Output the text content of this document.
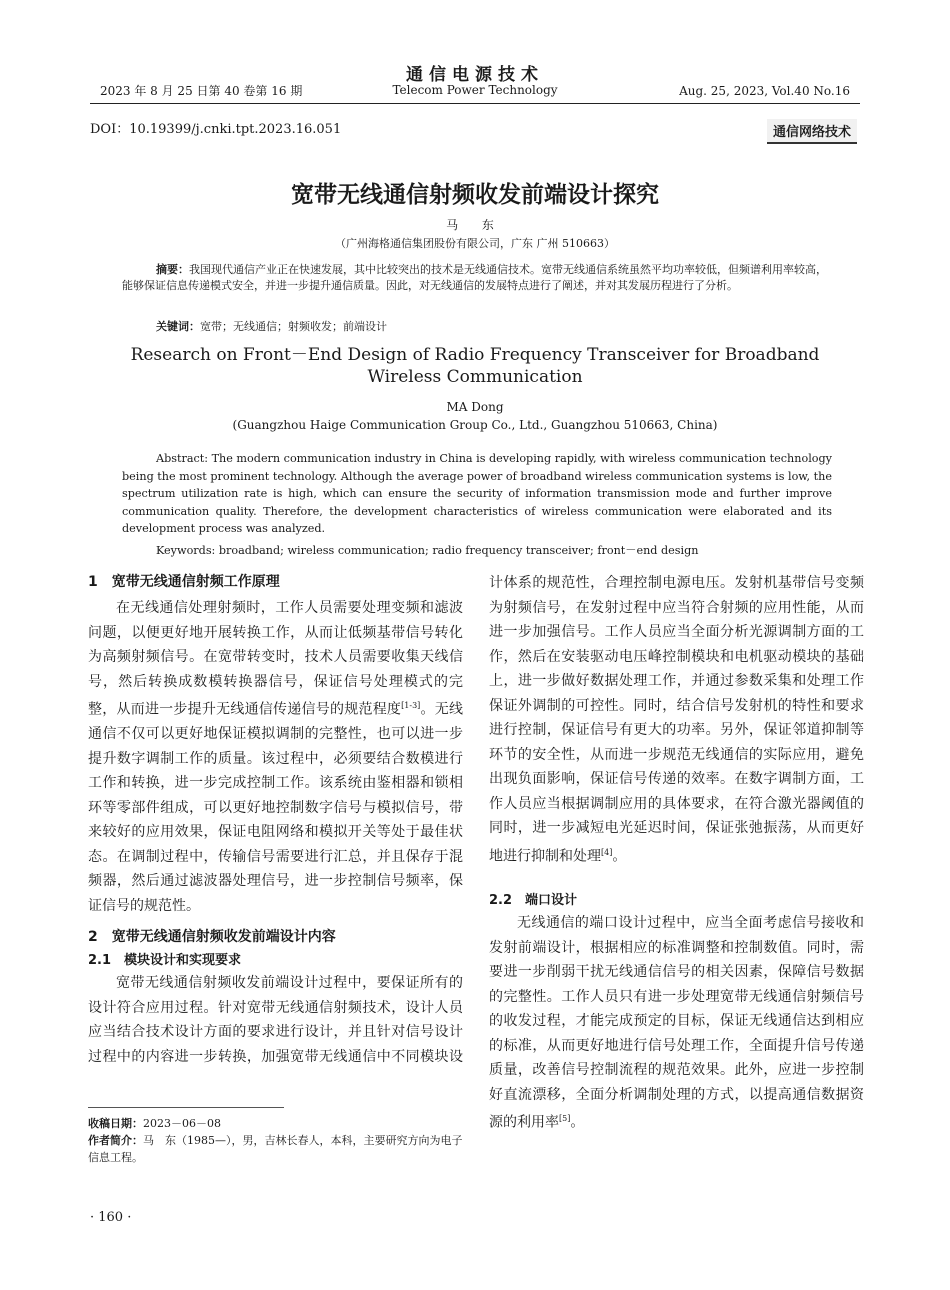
2023 年 8 月 25 日第 40 卷第 16 期
通信电源技术
Telecom Power Technology	Aug. 25, 2023, Vol.40 No.16
DOI：10.19399/j.cnki.tpt.2023.16.051	通信网络技术
宽带无线通信射频收发前端设计探究
马 东
（广州海格通信集团股份有限公司，广东 广州 510663）
摘要：我国现代通信产业正在快速发展，其中比较突出的技术是无线通信技术。宽带无线通信系统虽然平均功率较低，但频谱利用率较高，能够保证信息传递模式安全，并进一步提升通信质量。因此，对无线通信的发展特点进行了阐述，并对其发展历程进行了分析。
关键词：宽带；无线通信；射频收发；前端设计
Research on Front－End Design of Radio Frequency Transceiver for Broadband Wireless Communication
MA Dong
(Guangzhou Haige Communication Group Co., Ltd., Guangzhou 510663, China)
Abstract: The modern communication industry in China is developing rapidly, with wireless communication technology being the most prominent technology. Although the average power of broadband wireless communication systems is low, the spectrum utilization rate is high, which can ensure the security of information transmission mode and further improve communication quality. Therefore, the development characteristics of wireless communication were elaborated and its development process was analyzed.
Keywords: broadband; wireless communication; radio frequency transceiver; front－end design
1　宽带无线通信射频工作原理

在无线通信处理射频时，工作人员需要处理变频和滤波问题，以便更好地开展转换工作，从而让低频基带信号转化为高频射频信号。在宽带转变时，技术人员需要收集天线信号，然后转换成数模转换器信号，保证信号处理模式的完整，从而进一步提升无线通信传递信号的规范程度[1-3]。无线通信不仅可以更好地保证模拟调制的完整性，也可以进一步提升数字调制工作的质量。该过程中，必须要结合数模进行工作和转换，进一步完成控制工作。该系统由鉴相器和锁相环等零部件组成，可以更好地控制数字信号与模拟信号，带来较好的应用效果，保证电阻网络和模拟开关等处于最佳状态。在调制过程中，传输信号需要进行汇总，并且保存于混频器，然后通过滤波器处理信号，进一步控制信号频率，保证信号的规范性。

2　宽带无线通信射频收发前端设计内容
2.1　模块设计和实现要求

宽带无线通信射频收发前端设计过程中，要保证所有的设计符合应用过程。针对宽带无线通信射频技术，设计人员应当结合技术设计方面的要求进行设计，并且针对信号设计过程中的内容进一步转换，加强宽带无线通信中不同模块设

收稿日期：2023－06－08
作者简介：马　东（1985—），男，吉林长春人，本科，主要研究方向为电子信息工程。

计体系的规范性，合理控制电源电压。发射机基带信号变频为射频信号，在发射过程中应当符合射频的应用性能，从而进一步加强信号。工作人员应当全面分析光源调制方面的工作，然后在安装驱动电压峰控制模块和电机驱动模块的基础上，进一步做好数据处理工作，并通过参数采集和处理工作保证外调制的可控性。同时，结合信号发射机的特性和要求进行控制，保证信号有更大的功率。另外，保证邻道抑制等环节的安全性，从而进一步规范无线通信的实际应用，避免出现负面影响，保证信号传递的效率。在数字调制方面，工作人员应当根据调制应用的具体要求，在符合激光器阈值的同时，进一步减短电光延迟时间，保证张弛振荡，从而更好地进行抑制和处理[4]。

2.2　端口设计

无线通信的端口设计过程中，应当全面考虑信号接收和发射前端设计，根据相应的标准调整和控制数值。同时，需要进一步削弱干扰无线通信信号的相关因素，保障信号数据的完整性。工作人员只有进一步处理宽带无线通信射频信号的收发过程，才能完成预定的目标，保证无线通信达到相应的标准，从而更好地进行信号处理工作，全面提升信号传递质量，改善信号控制流程的规范效果。此外，应进一步控制好直流漂移，全面分析调制处理的方式，以提高通信数据资源的利用率[5]。

· 160 ·
